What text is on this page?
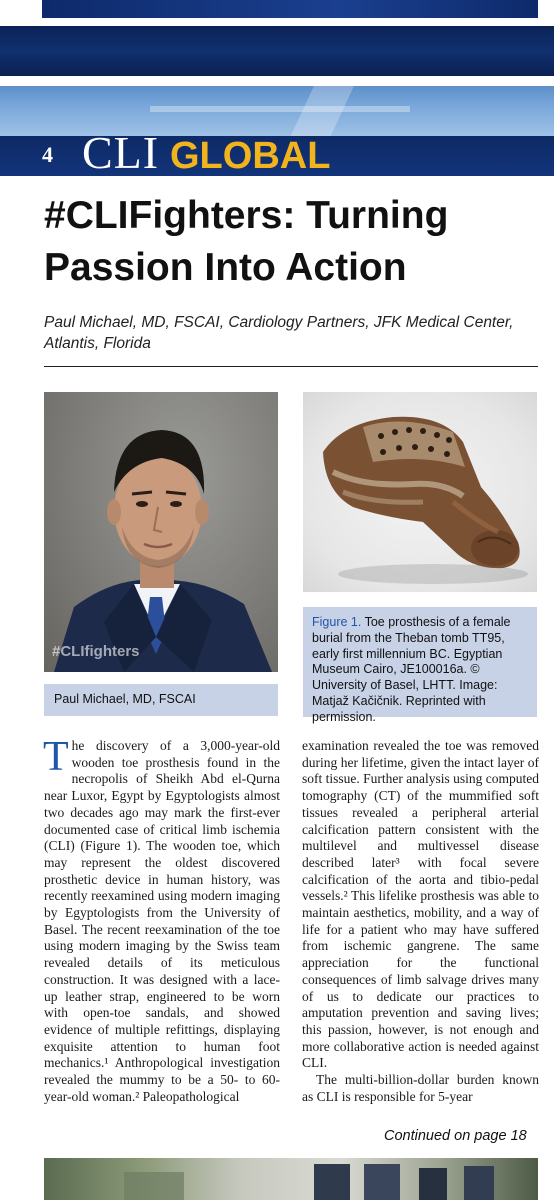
4 CLI GLOBAL
#CLIFighters: Turning Passion Into Action

Paul Michael, MD, FSCAI, Cardiology Partners, JFK Medical Center, Atlantis, Florida

#CLIfighters
Paul Michael, MD, FSCAI
Figure 1. Toe prosthesis of a female burial from the Theban tomb TT95, early first millennium BC. Egyptian Museum Cairo, JE100016a. © University of Basel, LHTT. Image: Matjaž Kačičnik. Reprinted with permission.
The discovery of a 3,000-year-old wooden toe prosthesis found in the necropolis of Sheikh Abd el-Qurna near Luxor, Egypt by Egyptologists almost two decades ago may mark the first-ever documented case of critical limb ischemia (CLI) (Figure 1). The wooden toe, which may represent the oldest discovered prosthetic device in human history, was recently reexamined using modern imaging by Egyptologists from the University of Basel. The recent reexamination of the toe using modern imaging by the Swiss team revealed details of its meticulous construction. It was designed with a lace-up leather strap, engineered to be worn with open-toe sandals, and showed evidence of multiple refittings, displaying exquisite attention to human foot mechanics.¹ Anthropological investigation revealed the mummy to be a 50- to 60-year-old woman.² Paleopathological

examination revealed the toe was removed during her lifetime, given the intact layer of soft tissue. Further analysis using computed tomography (CT) of the mummified soft tissues revealed a peripheral arterial calcification pattern consistent with the multilevel and multivessel disease described later³ with focal severe calcification of the aorta and tibio-pedal vessels.² This lifelike prosthesis was able to maintain aesthetics, mobility, and a way of life for a patient who may have suffered from ischemic gangrene. The same appreciation for the functional consequences of limb salvage drives many of us to dedicate our practices to amputation prevention and saving lives; this passion, however, is not enough and more collaborative action is needed against CLI.

The multi-billion-dollar burden known as CLI is responsible for 5-year

Continued on page 18
